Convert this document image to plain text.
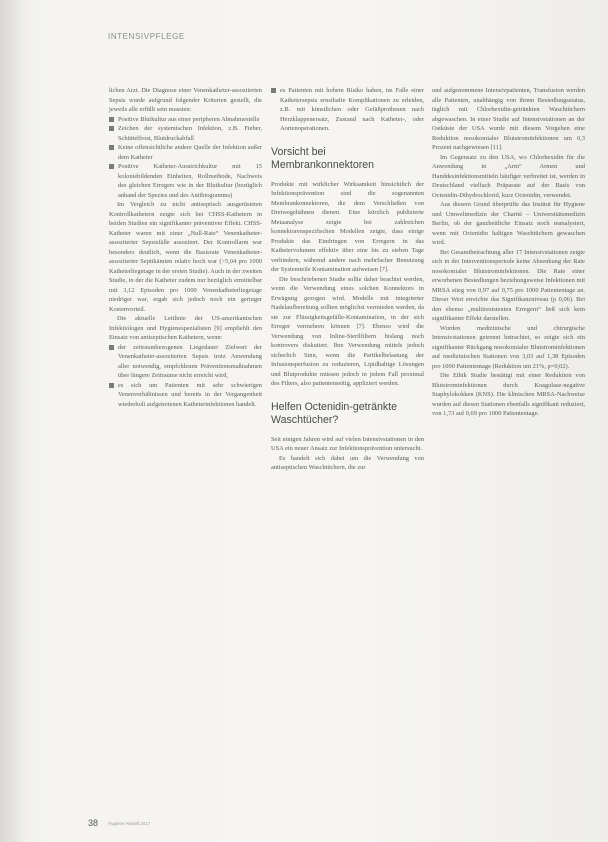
INTENSIVPFLEGE

lichen Arzt. Die Diagnose einer Venenkatheter-assoziierten Sepsis wurde aufgrund folgender Kriterien gestellt, die jeweils alle erfüllt sein mussten:

Positive Blutkultur aus einer peripheren Abnahmestelle
Zeichen der systemischen Infektion, z.B. Fieber, Schüttelfrost, Blutdruckabfall
Keine offensichtliche andere Quelle der Infektion außer dem Katheter
Positive Katheter-Ausstrichkultur mit 15 koloniebildenden Einheiten, Rollmethode, Nachweis des gleichen Erregers wie in der Blutkultur (bezüglich anhand der Spezies und des Antibiogramms)

Im Vergleich zu nicht antiseptisch ausgerüsteten Kontrollkathetern zeigte sich bei CHSS-Kathetern in beiden Studien ein signifikanter präventiver Effekt. CHSS-Katheter waren mit einer „Null-Rate“ Venenkatheter-assoziierter Sepsisfälle assoziiert. Der Kontrollarm war besonders deutlich, wenn die Basisrate Venenkatheter-assoziierter Septikämien relativ hoch war (>5,04 pro 1000 Katheterliegetage in der ersten Studie). Auch in der zweiten Studie, in der die Katheter zudem nur bezüglich ermittelbar mit 3,12 Episoden pro 1000 Venenkatheterliegetage niedriger war, ergab sich jedoch noch ein geringer Kostenvorteil.

Die aktuelle Leitlinie der US-amerikanischen Infektiologen und Hygienespezialisten [9] empfiehlt den Einsatz von antiseptischen Kathetern, wenn:

der zeitraumbezogenen Liegedauer Zielwert der Venenkatheter-assoziierten Sepsis trotz Anwendung aller notwendig, empfohlenen Präventionsmaßnahmen über längere Zeitraume nicht erreicht wird,
es sich um Patienten mit sehr schwierigen Venenverhältnissen und bereits in der Vergangenheit wiederholt aufgetretenen Katheterinfektionen handelt.
es Patienten mit hohem Risiko haben, im Falle einer Kathetersepsis ernsthafte Komplikationen zu erleiden, z.B. mit künstlichen oder Gefäßprothesen nach Herzklappenersatz, Zustand nach Katheter-, oder Aortenoperationen.
Vorsicht bei Membrankonnektoren

Produkte mit wirklicher Wirksamkeit hinsichtlich der Infektionsprävention sind die sogenannten Membrankonnektoren, die dem Verschließen von Dreiwegehähnen dienen. Eine kürzlich publizierte Metaanalyse zeigte bei zahlreichen konnektorenspezifischen Modellen zeigte, dass einige Produkte das Eindringen von Erregern in das Kathetervolumen effektiv über eine bis zu sieben Tage verhindern, während andere nach mehrfacher Benutzung der Systemteile Kontamination aufweisen [7].

Die beschriebenen Studie sollte daher beachtet werden, wenn die Verwendung eines solchen Konnektors in Erwägung gezogen wird. Modelle mit integrierter Nadelaufbereitung sollten möglichst vermieden werden, da sie zur Flüssigkeitsgefälle-Kontamination, in der sich Erreger vermehren können [7]. Ebenso wird die Verwendung von Inline-Sterilfiltern bislang noch kontrovers diskutiert. Ihre Verwendung mittels jedoch sicherlich Sinn, wenn die Partikelbelastung der Infusionsperfusion zu reduzieren, Lipidhaltige Lösungen und Blutprodukte müssen jedoch in jedem Fall proximal des Filters, also patientenseitig, appliziert werden.

Helfen Octenidin-getränkte Waschtücher?

Seit einigen Jahren wird auf vielen Intensivstationen in den USA ein neuer Ansatz zur Infektionsprävention untersucht.

Es handelt sich dabei um die Verwendung von antiseptischen Waschtüchern, die zur

und aufgenommene Intensivpatienten, Transfusion werden alle Patienten, unabhängig von ihrem Besiedlungsstatus, täglich mit Chlorhexidin-getränkten Waschtüchern abgewaschen. In einer Studie auf Intensivstationen an der Ostküste der USA wurde mit diesem Vorgehen eine Reduktion nosokomialer Blutstrominfektionen um 0,3 Prozent nachgewiesen [11].

Im Gegensatz zu den USA, wo Chlorhexidin für die Anwendung in „Arm“ Armen und Handdesinfektionsmitteln häufiger verbreitet ist, werden in Deutschland vielfach Präparate auf der Basis von Octenidin-Dihydrochlorid, kurz Octenidin, verwendet.

Aus diesem Grund überprüfte das Institut für Hygiene und Umweltmedizin der Charité – Universitätsmedizin Berlin, ob der ganzheitliche Einsatz noch reanalysiert, wenn mit Octenidin haltigen Waschtüchern gewaschen wird.

Bei Gesamtbetrachtung aller 17 Intensivstationen zeigte sich in der Interventionsperiode keine Absenkung der Rate nosokomialer Blutstrominfektionen. Die Rate einer erworbenen Besiedlungen beziehungsweise Infektionen mit MRSA stieg von 0,97 auf 0,75 pro 1000 Patiententage an. Dieser Wert erreichte das Signifikanzniveau (p 0,06). Bei den ebenso „multiresistenten Erregern“ ließ sich kein signifikanter Effekt darstellen.

Wurden medizinische und chirurgische Intensivstationen getrennt betrachtet, so zeigte sich ein signifikanter Rückgang nosokomialer Blutstrominfektionen auf medizinischen Stationen von 3,03 auf 1,38 Episoden pro 1000 Patiententage (Reduktion um 21%, p=0,02).

Die Ethik Studie bestätigt mit einer Reduktion von Blutstrominfektionen durch Koagulase-negative Staphylokokken (KNS). Die klinischen MRSA-Nachweise wurden auf diesen Stationen ebenfalls signifikant reduziert, von 1,73 auf 0,69 pro 1000 Patiententage.

38 Hygiene Aktuell 2017
